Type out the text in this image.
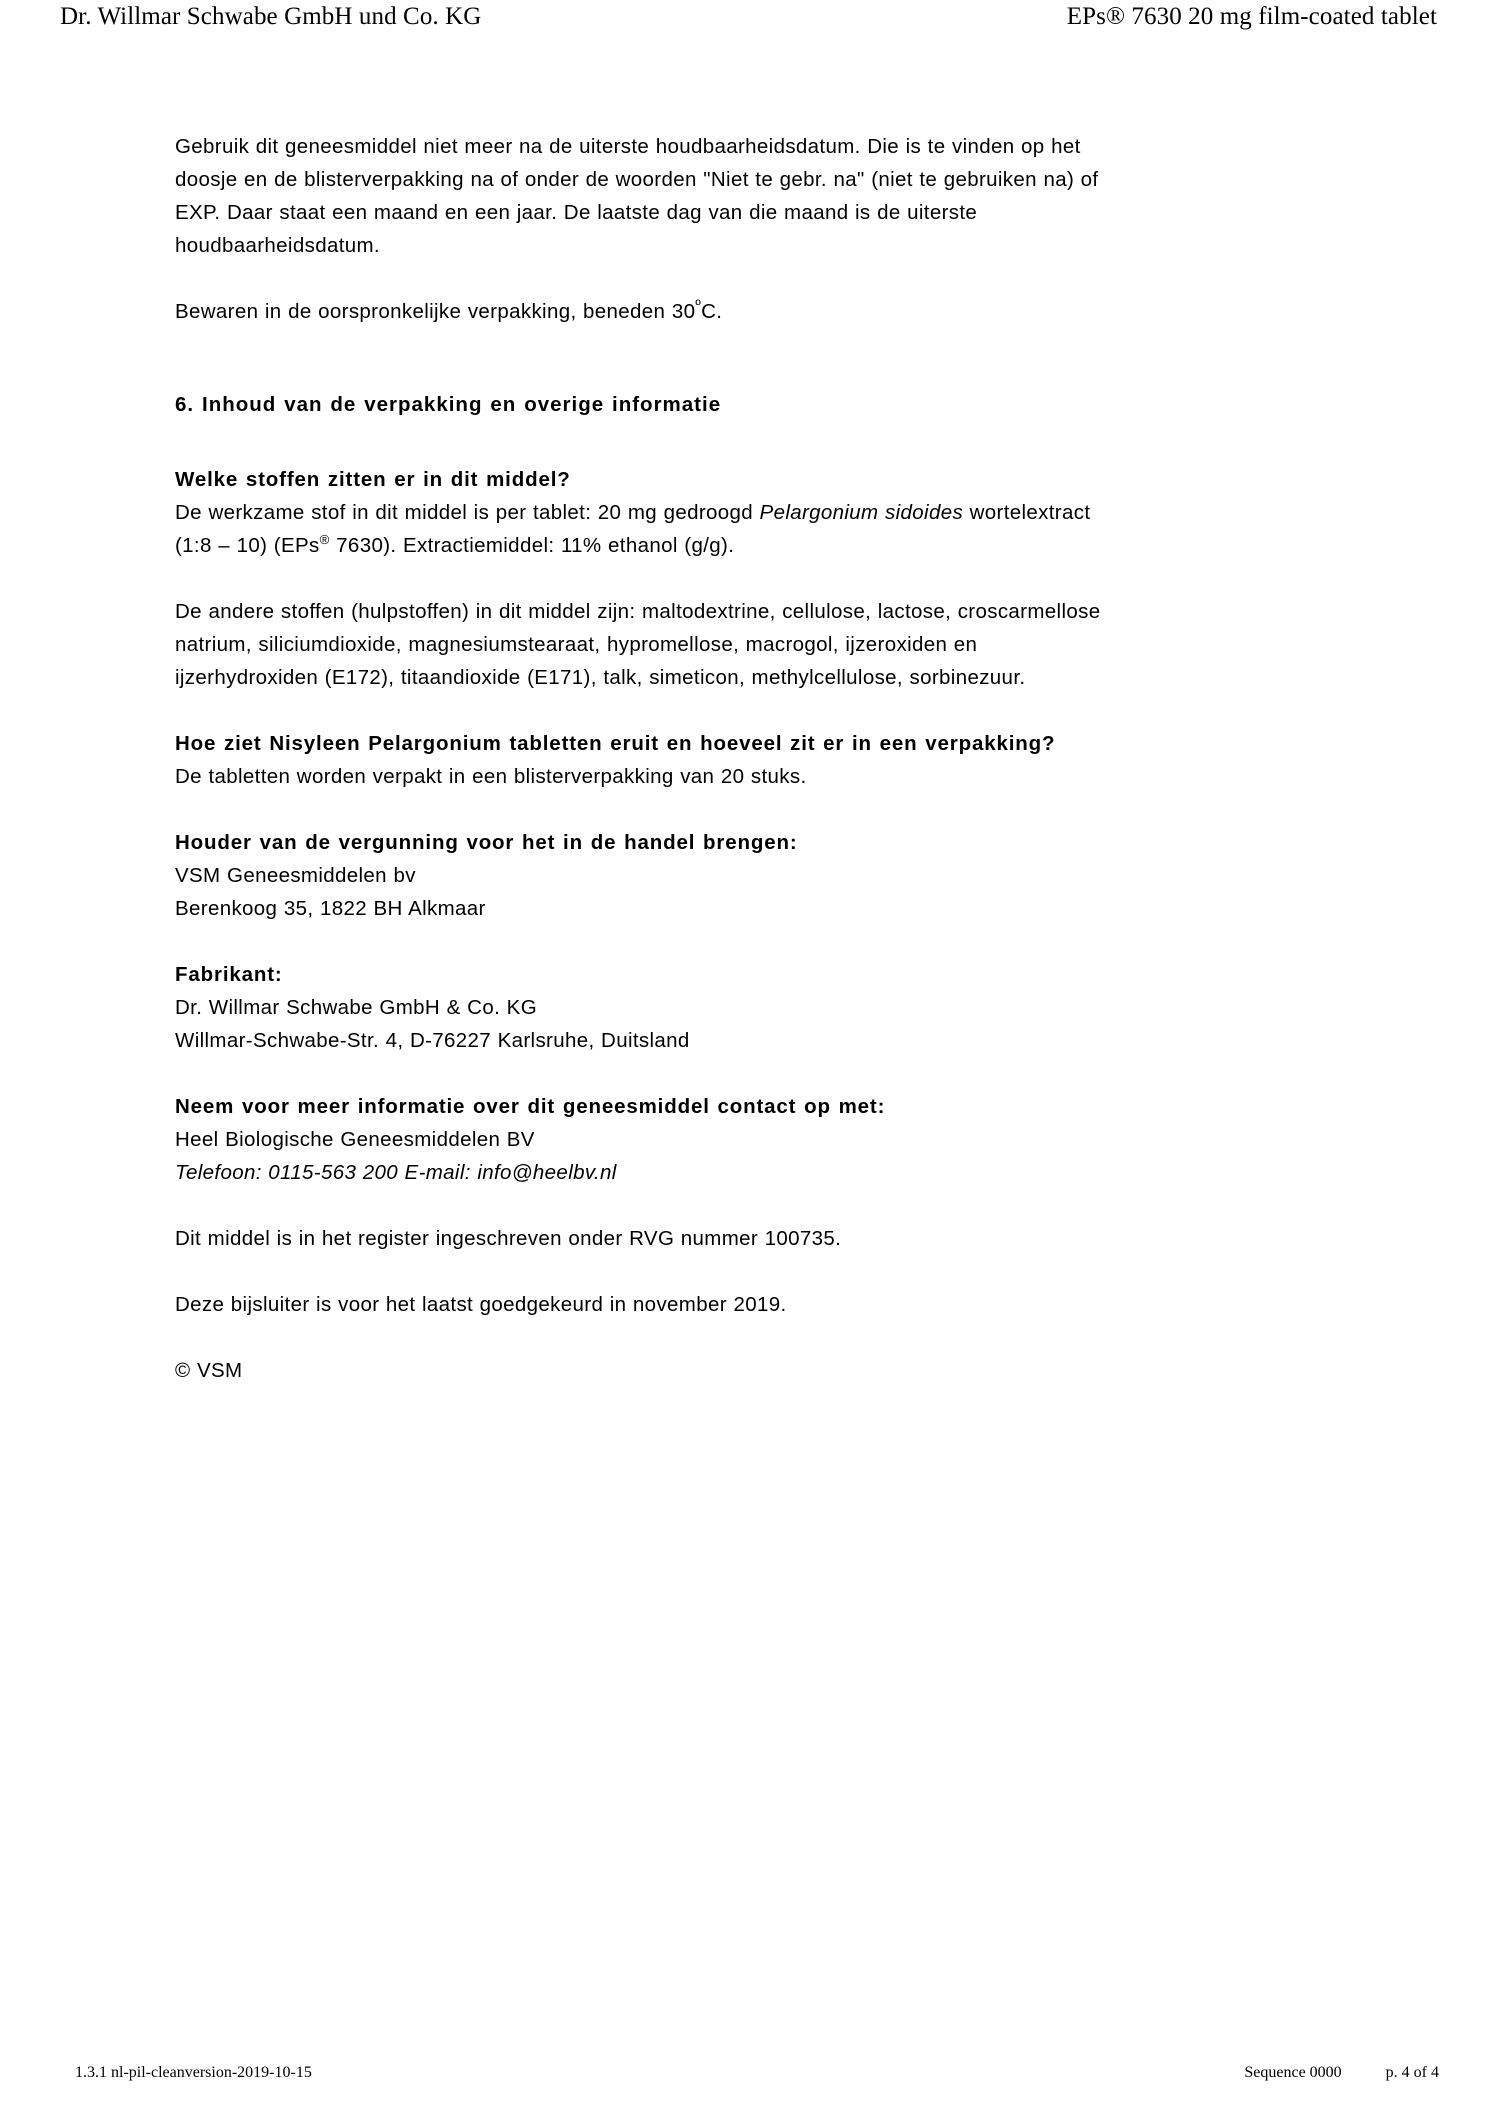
Dr. Willmar Schwabe GmbH und Co. KG	EPs® 7630 20 mg film-coated tablet

Gebruik dit geneesmiddel niet meer na de uiterste houdbaarheidsdatum. Die is te vinden op het
doosje en de blisterverpakking na of onder de woorden "Niet te gebr. na" (niet te gebruiken na) of
EXP. Daar staat een maand en een jaar. De laatste dag van die maand is de uiterste
houdbaarheidsdatum.

Bewaren in de oorspronkelijke verpakking, beneden $30^ºC$.

6. Inhoud van de verpakking en overige informatie

Welke stoffen zitten er in dit middel?

De werkzame stof in dit middel is per tablet: 20 mg gedroogd Pelargonium sidoides wortelextract
(1:8 – 10) (EPs® 7630). Extractiemiddel: 11% ethanol (g/g).

De andere stoffen (hulpstoffen) in dit middel zijn: maltodextrine, cellulose, lactose, croscarmellose
natrium, siliciumdioxide, magnesiumstearaat, hypromellose, macrogol, ijzeroxiden en
ijzerhydroxiden (E172), titaandioxide (E171), talk, simeticon, methylcellulose, sorbinezuur.

Hoe ziet Nisyleen Pelargonium tabletten eruit en hoeveel zit er in een verpakking?

De tabletten worden verpakt in een blisterverpakking van 20 stuks.

Houder van de vergunning voor het in de handel brengen:

VSM Geneesmiddelen bv

Berenkoog 35, 1822 BH Alkmaar

Fabrikant:

Dr. Willmar Schwabe GmbH & Co. KG

Willmar-Schwabe-Str. 4, D-76227 Karlsruhe, Duitsland

Neem voor meer informatie over dit geneesmiddel contact op met:

Heel Biologische Geneesmiddelen BV

Telefoon: 0115-563 200 E-mail: info@heelbv.nl

Dit middel is in het register ingeschreven onder RVG nummer 100735.

Deze bijsluiter is voor het laatst goedgekeurd in november 2019.

© VSM

1.3.1 nl-pil-cleanversion-2019-10-15	Sequence 0000	p. 4 of 4
